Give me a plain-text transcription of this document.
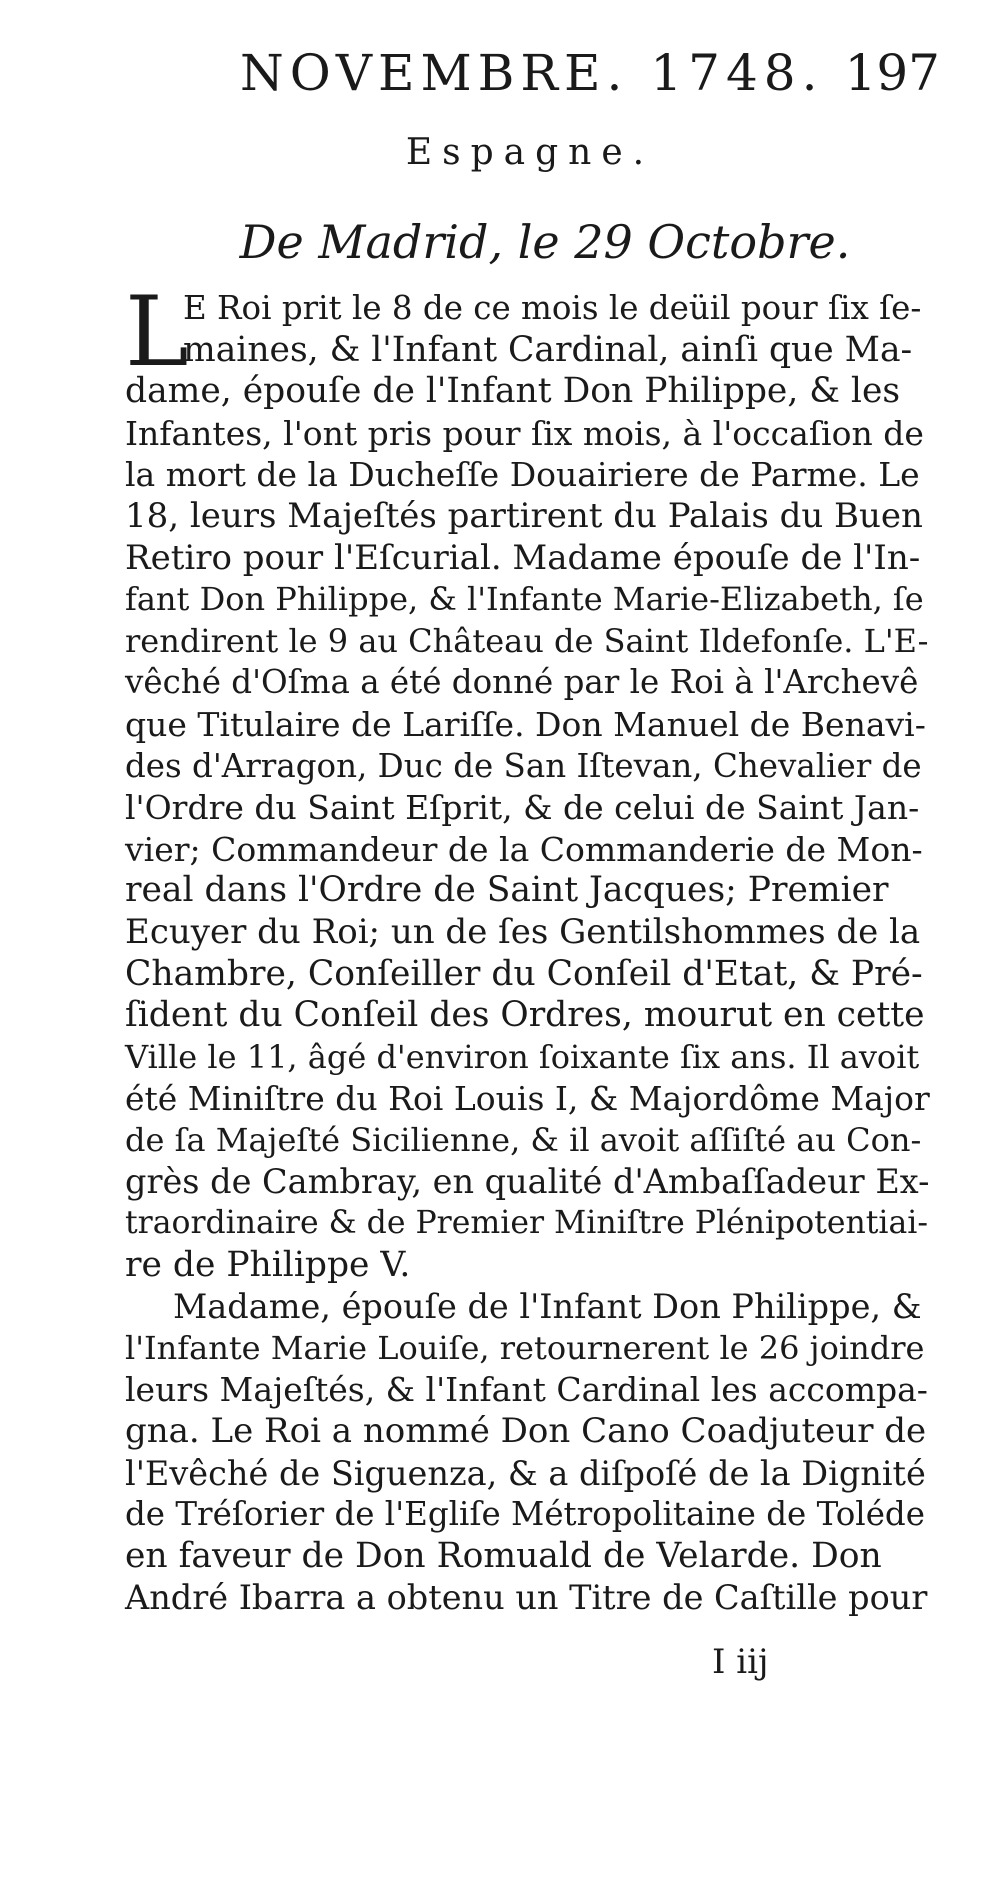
NOVEMBRE. 1748. 197
Espagne.
De Madrid, le 29 Octobre.
L
E Roi prit le 8 de ce mois le deüil pour ſix ſe-
maines, & l'Infant Cardinal, ainſi que Ma-
dame, épouſe de l'Infant Don Philippe, & les
Infantes, l'ont pris pour ſix mois, à l'occaſion de
la mort de la Ducheſſe Douairiere de Parme. Le
18, leurs Majeſtés partirent du Palais du Buen
Retiro pour l'Eſcurial. Madame épouſe de l'In-
fant Don Philippe, & l'Infante Marie-Elizabeth, ſe
rendirent le 9 au Château de Saint Ildefonſe. L'E-
vêché d'Oſma a été donné par le Roi à l'Archevê
que Titulaire de Lariſſe. Don Manuel de Benavi-
des d'Arragon, Duc de San Iſtevan, Chevalier de
l'Ordre du Saint Eſprit, & de celui de Saint Jan-
vier; Commandeur de la Commanderie de Mon-
real dans l'Ordre de Saint Jacques; Premier
Ecuyer du Roi; un de ſes Gentilshommes de la
Chambre, Conſeiller du Conſeil d'Etat, & Pré-
ſident du Conſeil des Ordres, mourut en cette
Ville le 11, âgé d'environ ſoixante ſix ans. Il avoit
été Miniſtre du Roi Louis I, & Majordôme Major
de ſa Majeſté Sicilienne, & il avoit aſſiſté au Con-
grès de Cambray, en qualité d'Ambaſſadeur Ex-
traordinaire & de Premier Miniſtre Plénipotentiai-
re de Philippe V.
Madame, épouſe de l'Infant Don Philippe, &
l'Infante Marie Louiſe, retournerent le 26 joindre
leurs Majeſtés, & l'Infant Cardinal les accompa-
gna. Le Roi a nommé Don Cano Coadjuteur de
l'Evêché de Siguenza, & a diſpoſé de la Dignité
de Tréſorier de l'Egliſe Métropolitaine de Toléde
en faveur de Don Romuald de Velarde. Don
André Ibarra a obtenu un Titre de Caſtille pour
I iij
